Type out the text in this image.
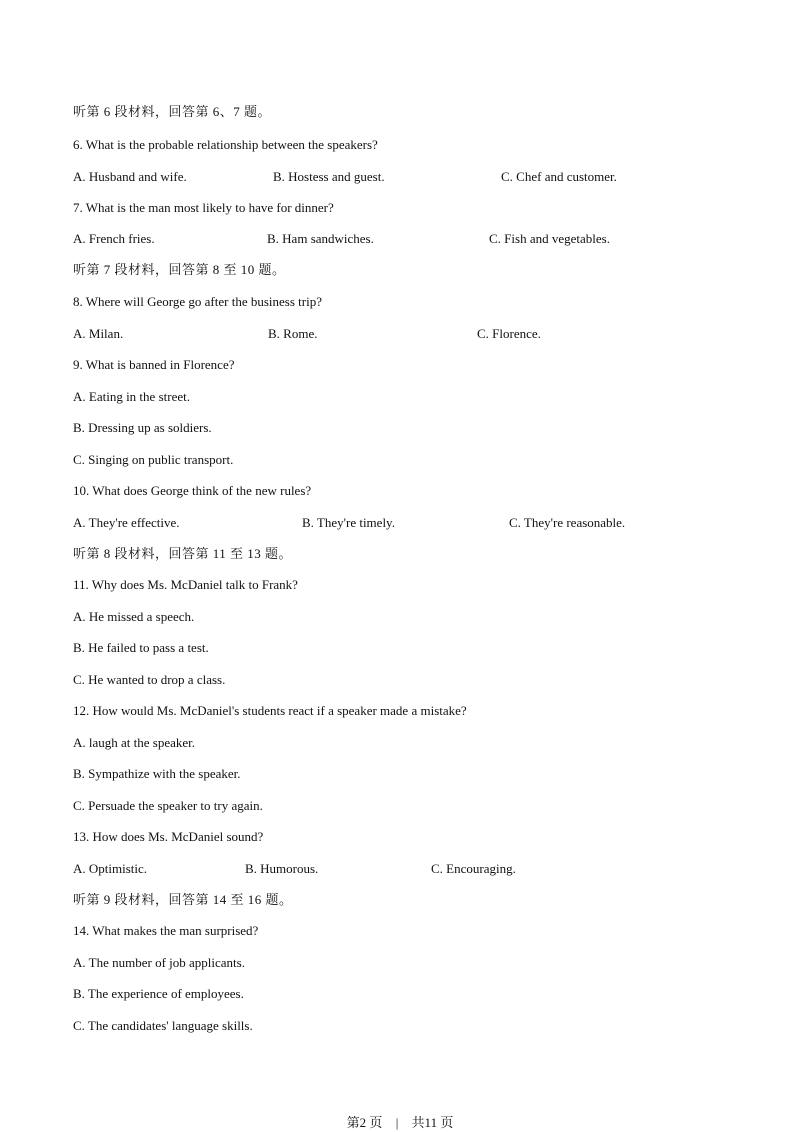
听第 6 段材料，回答第 6、7 题。
6. What is the probable relationship between the speakers?
A. Husband and wife.	B. Hostess and guest.	C. Chef and customer.
7. What is the man most likely to have for dinner?
A. French fries.	B. Ham sandwiches.	C. Fish and vegetables.
听第 7 段材料，回答第 8 至 10 题。
8. Where will George go after the business trip?
A. Milan.	B. Rome.	C. Florence.
9. What is banned in Florence?
A. Eating in the street.
B. Dressing up as soldiers.
C. Singing on public transport.
10. What does George think of the new rules?
A. They're effective.	B. They're timely.	C. They're reasonable.
听第 8 段材料，回答第 11 至 13 题。
11. Why does Ms. McDaniel talk to Frank?
A. He missed a speech.
B. He failed to pass a test.
C. He wanted to drop a class.
12. How would Ms. McDaniel's students react if a speaker made a mistake?
A. laugh at the speaker.
B. Sympathize with the speaker.
C. Persuade the speaker to try again.
13. How does Ms. McDaniel sound?
A. Optimistic.	B. Humorous.	C. Encouraging.
听第 9 段材料，回答第 14 至 16 题。
14. What makes the man surprised?
A. The number of job applicants.
B. The experience of employees.
C. The candidates' language skills.
第2 页 | 共11 页
